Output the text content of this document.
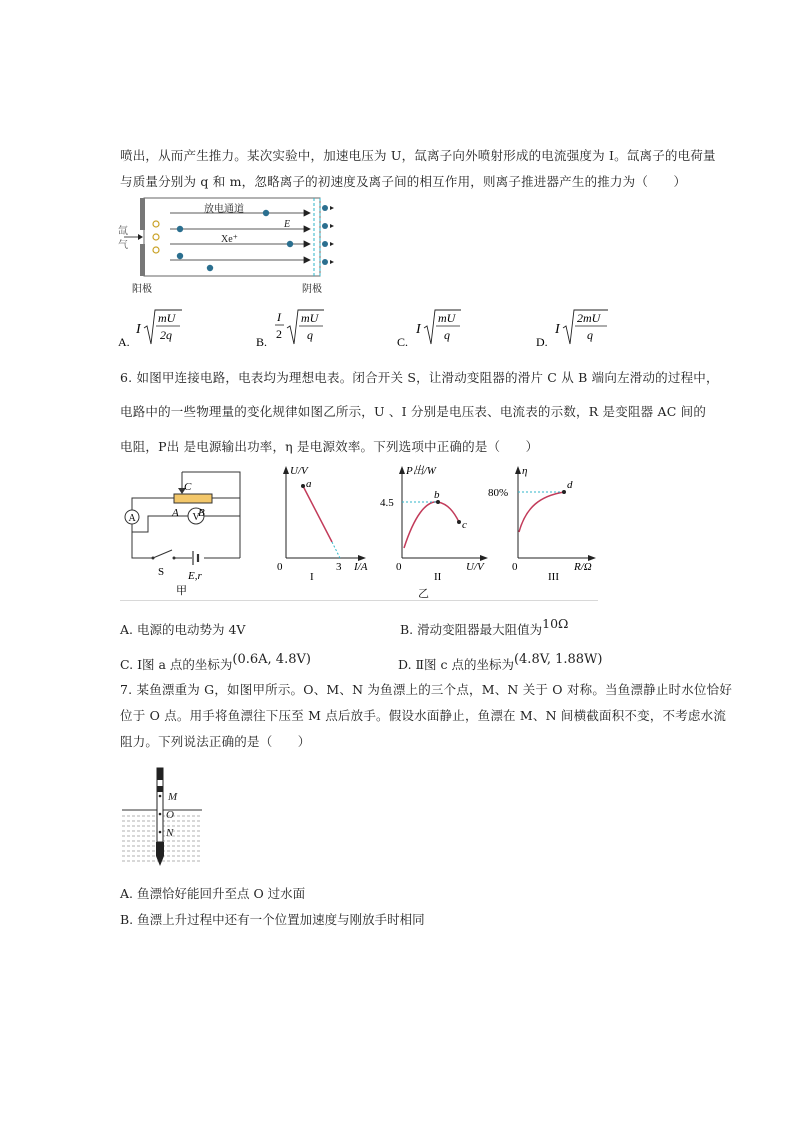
喷出，从而产生推力。某次实验中，加速电压为 U，氙离子向外喷射形成的电流强度为 I。氙离子的电荷量
与质量分别为 q 和 m，忽略离子的初速度及离子间的相互作用，则离子推进器产生的推力为（　　）
放电通道
E
Xe⁺
氙
气
阳极	阴极
A.
I
mU
2q	B.
I
2
mU
q	C.
I
mU
q	D.
I
2mU
q
6. 如图甲连接电路，电表均为理想电表。闭合开关 S，让滑动变阻器的滑片 C 从 B 端向左滑动的过程中，
电路中的一些物理量的变化规律如图乙所示，U 、I 分别是电压表、电流表的示数，R 是变阻器 AC 间的
电阻，P出 是电源输出功率，η 是电源效率。下列选项中正确的是（　　）
A	V
C
A B
S E,r
甲
U/V
I/A
0	3
a
I
P出/W
U/V
0
4.5
b
c
II
η
R/Ω
0
80%
d
III
乙
A. 电源的电动势为 4V	B. 滑动变阻器最大阻值为10Ω
C. Ⅰ图 a 点的坐标为(0.6A, 4.8V)	D. Ⅱ图 c 点的坐标为(4.8V, 1.88W)
7. 某鱼漂重为 G，如图甲所示。O、M、N 为鱼漂上的三个点，M、N 关于 O 对称。当鱼漂静止时水位恰好
位于 O 点。用手将鱼漂往下压至 M 点后放手。假设水面静止，鱼漂在 M、N 间横截面积不变，不考虑水流
阻力。下列说法正确的是（　　）
M
O
N
A. 鱼漂恰好能回升至点 O 过水面
B. 鱼漂上升过程中还有一个位置加速度与刚放手时相同
